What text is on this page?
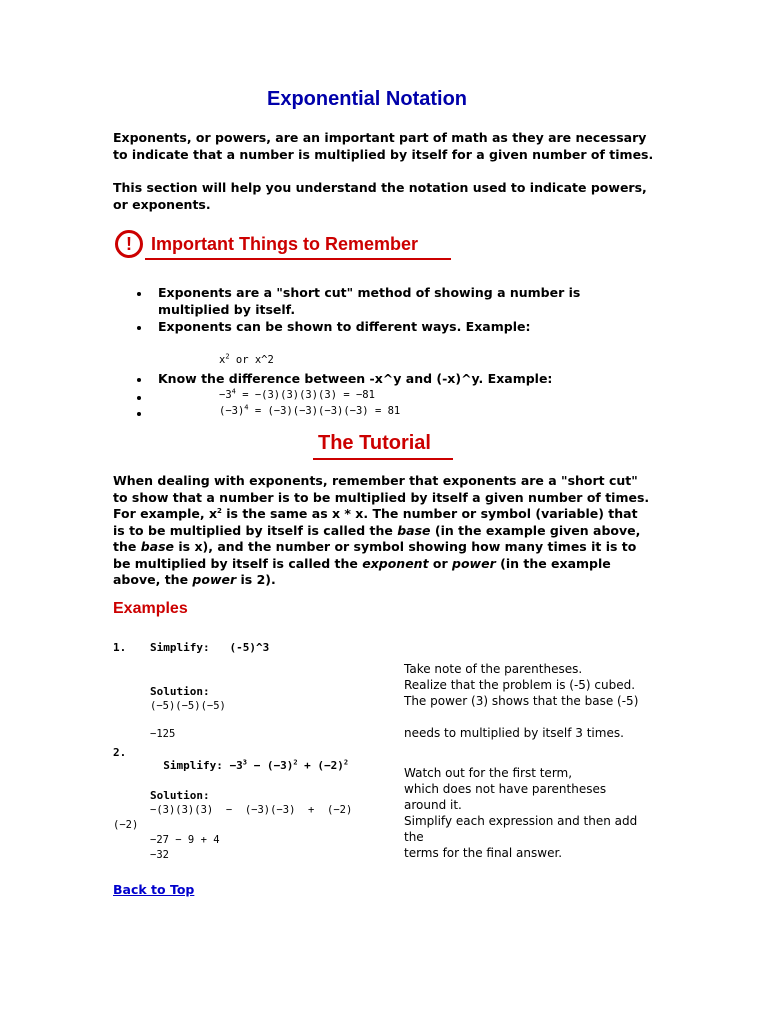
Exponential Notation
Exponents, or powers, are an important part of math as they are necessary
to indicate that a number is multiplied by itself for a given number of times.
This section will help you understand the notation used to indicate powers,
or exponents.
!	Important Things to Remember
Exponents are a "short cut" method of showing a number is
multiplied by itself.
Exponents can be shown to different ways. Example:
$x^2$ or x^2
Know the difference between -x^y and (-x)^y. Example:
$-3^4 = -(3)(3)(3)(3) = -81$
$(-3)^4 = (-3)(-3)(-3)(-3) = 81$
The Tutorial
When dealing with exponents, remember that exponents are a "short cut"
to show that a number is to be multiplied by itself a given number of times.
For example, $x^2$ is the same as x * x. The number or symbol (variable) that
is to be multiplied by itself is called the base (in the example given above,
the base is x), and the number or symbol showing how many times it is to
be multiplied by itself is called the exponent or power (in the example
above, the power is 2).
Examples
1. Simplify:   (-5)^3
Solution:
(−5)(−5)(−5)
−125
Take note of the parentheses.
Realize that the problem is (-5) cubed.
The power (3) shows that the base (-5)
needs to multiplied by itself 3 times.
2.

Simplify: $-3^3 - (-3)^2 + (-2)^2$

Solution:
−(3)(3)(3)  −  (−3)(−3)  +  (−2)
(−2)
−27 − 9 + 4
−32
Watch out for the first term,
which does not have parentheses
around it.
Simplify each expression and then add
the
terms for the final answer.
Back to Top
